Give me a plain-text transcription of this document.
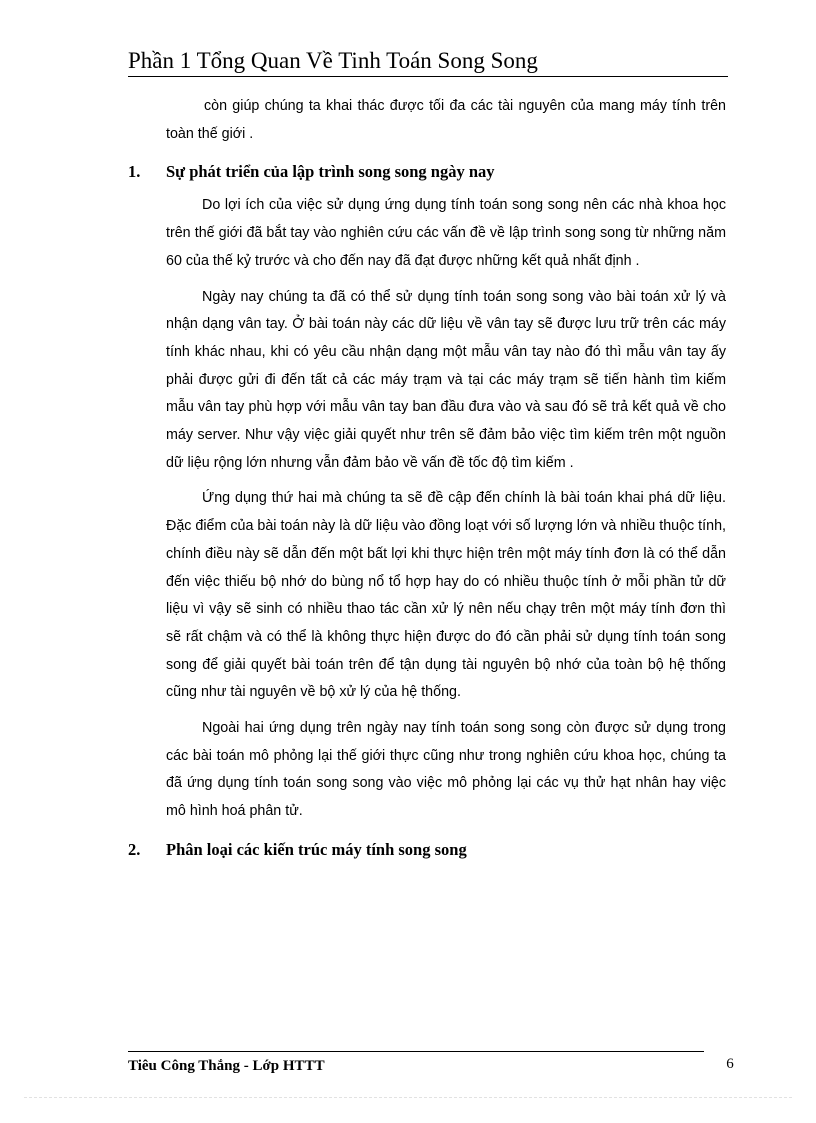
Phần 1 Tổng Quan Về Tinh Toán Song Song

còn giúp chúng ta khai thác được tối đa các tài nguyên của mang máy tính trên toàn thế giới .

1. Sự phát triển của lập trình song song ngày nay

Do lợi ích của việc sử dụng ứng dụng tính toán song song nên các nhà khoa học trên thế giới đã bắt tay vào nghiên cứu các vấn đề về lập trình song song từ những năm 60 của thế kỷ trước và cho đến nay đã đạt được những kết quả nhất định .

Ngày nay chúng ta đã có thể sử dụng tính toán song song vào bài toán xử lý và nhận dạng vân tay. Ở bài toán này các dữ liệu về vân tay sẽ được lưu trữ trên các máy tính khác nhau, khi có yêu cầu nhận dạng một mẫu vân tay nào đó thì mẫu vân tay ấy phải được gửi đi đến tất cả các máy trạm và tại các máy trạm sẽ tiến hành tìm kiếm mẫu vân tay phù hợp với mẫu vân tay ban đầu đưa vào và sau đó sẽ trả kết quả về cho máy server. Như vậy việc giải quyết như trên sẽ đảm bảo việc tìm kiếm trên một nguồn dữ liệu rộng lớn nhưng vẫn đảm bảo về vấn đề tốc độ tìm kiếm .

Ứng dụng thứ hai mà chúng ta sẽ đề cập đến chính là bài toán khai phá dữ liệu. Đặc điểm của bài toán này là dữ liệu vào đồng loạt với số lượng lớn và nhiều thuộc tính, chính điều này sẽ dẫn đến một bất lợi khi thực hiện trên một máy tính đơn là có thể dẫn đến việc thiếu bộ nhớ do bùng nổ tổ hợp hay do có nhiều thuộc tính ở mỗi phần tử dữ liệu vì vậy sẽ sinh có nhiều thao tác cần xử lý nên nếu chạy trên một máy tính đơn thì sẽ rất chậm và có thể là không thực hiện được do đó cần phải sử dụng tính toán song song để giải quyết bài toán trên để tận dụng tài nguyên bộ nhớ của toàn bộ hệ thống cũng như tài nguyên về bộ xử lý của hệ thống.

Ngoài hai ứng dụng trên ngày nay tính toán song song còn được sử dụng trong các bài toán mô phỏng lại thế giới thực cũng như trong nghiên cứu khoa học, chúng ta đã ứng dụng tính toán song song vào việc mô phỏng lại các vụ thử hạt nhân hay việc mô hình hoá phân tử.

2. Phân loại các kiến trúc máy tính song song
Tiêu Công Thắng - Lớp HTTT	6
